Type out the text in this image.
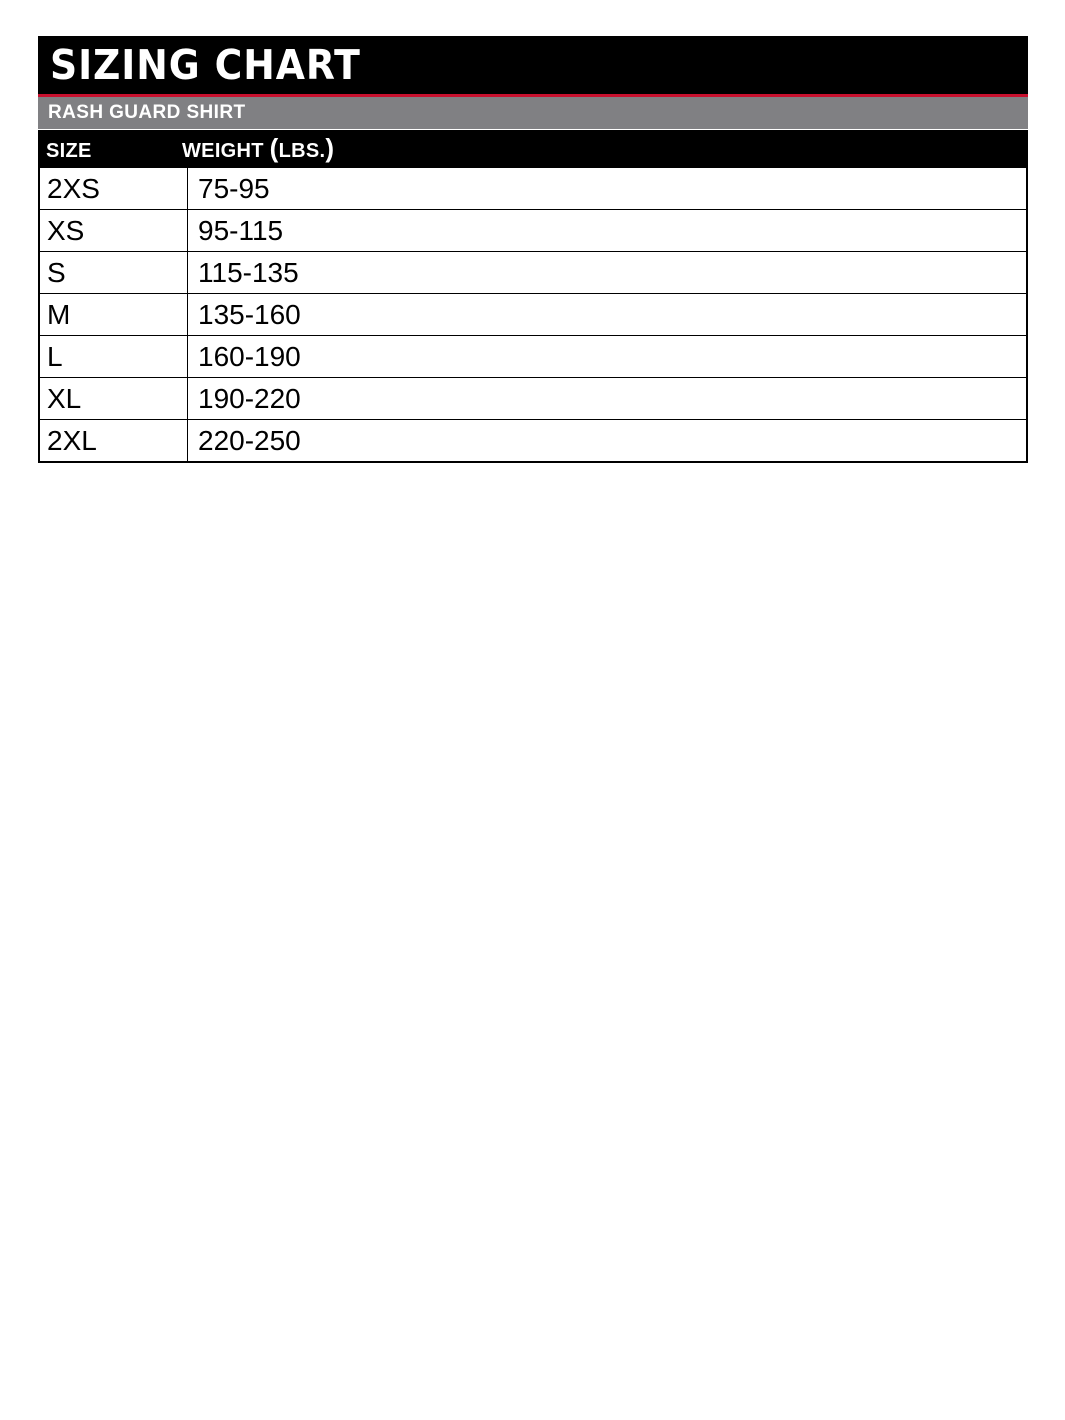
SIZING CHART
RASH GUARD SHIRT
SIZE	WEIGHT (LBS.)
2XS	75-95
XS	95-115
S	115-135
M	135-160
L	160-190
XL	190-220
2XL	220-250
